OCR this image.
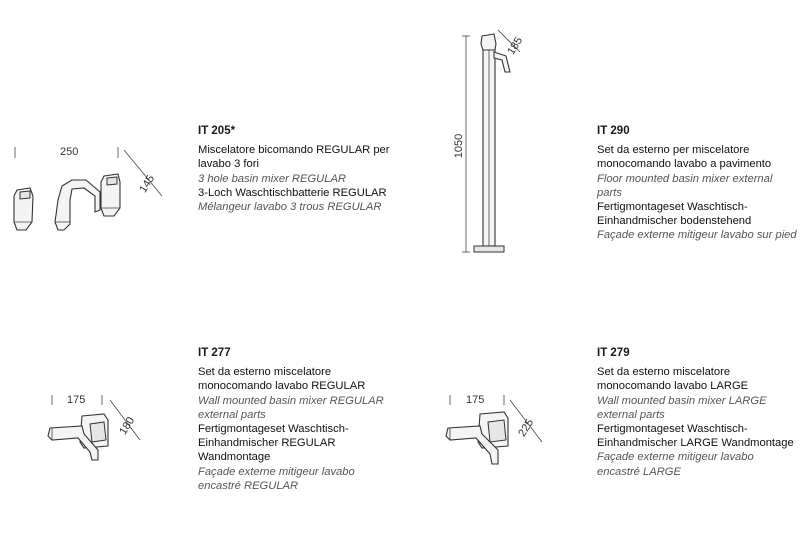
250
145
IT 205*
Miscelatore bicomando REGULAR per lavabo 3 fori
3 hole basin mixer REGULAR
3-Loch Waschtischbatterie REGULAR
Mélangeur lavabo 3 trous REGULAR
1050
185
IT 290
Set da esterno per miscelatore monocomando lavabo a pavimento
Floor mounted basin mixer external parts
Fertigmontageset Waschtisch-Einhandmischer bodenstehend
Façade externe mitigeur lavabo sur pied
175
180
IT 277
Set da esterno miscelatore monocomando lavabo REGULAR
Wall mounted basin mixer REGULAR external parts
Fertigmontageset Waschtisch-Einhandmischer REGULAR Wandmontage
Façade externe mitigeur lavabo encastré REGULAR
175
225
IT 279
Set da esterno miscelatore monocomando lavabo LARGE
Wall mounted basin mixer LARGE external parts
Fertigmontageset Waschtisch-Einhandmischer LARGE Wandmontage
Façade externe mitigeur lavabo encastré LARGE
